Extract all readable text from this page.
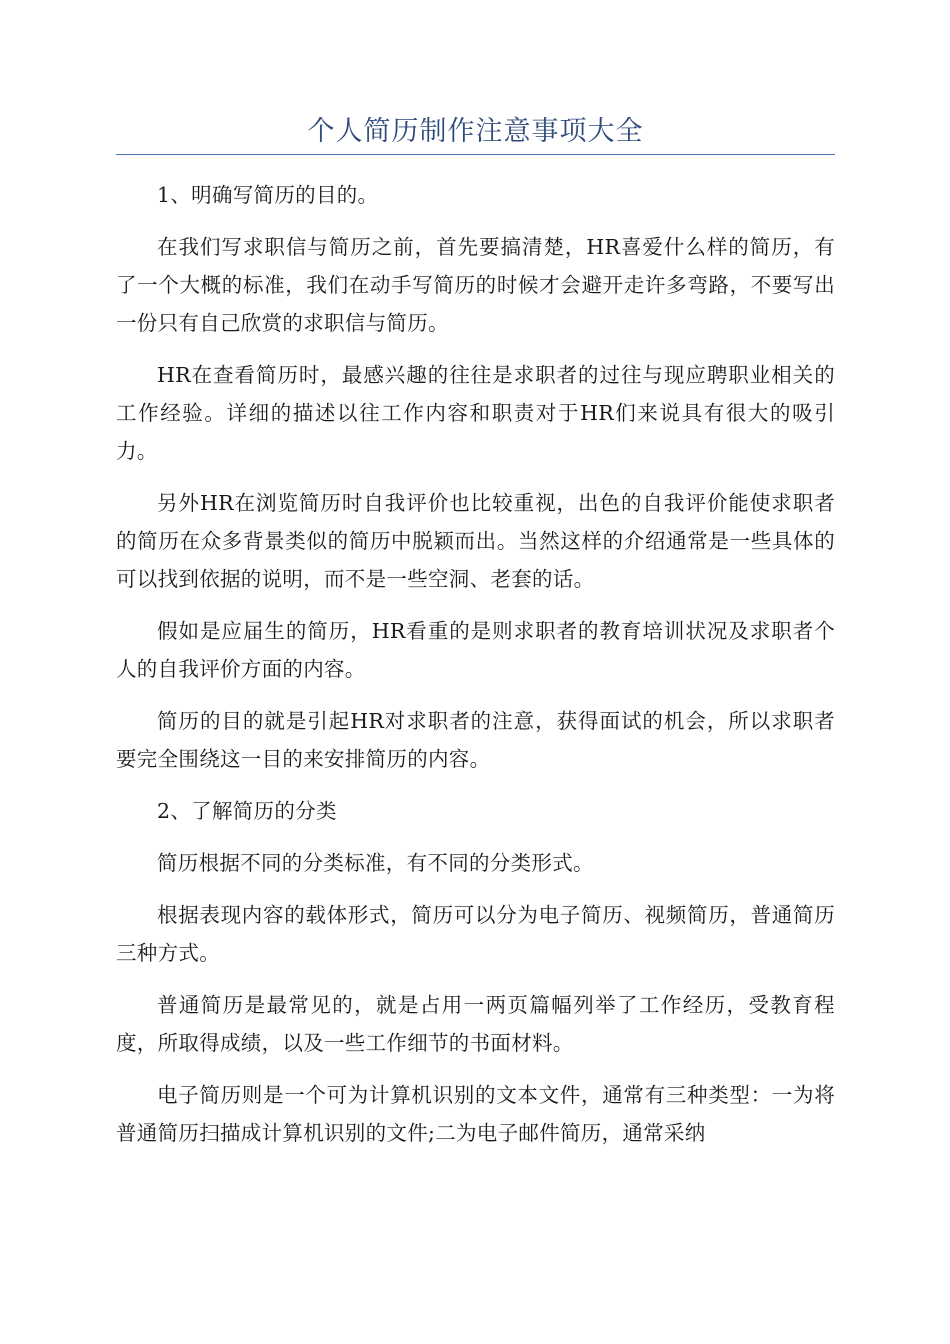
个人简历制作注意事项大全

1、明确写简历的目的。

在我们写求职信与简历之前，首先要搞清楚，HR喜爱什么样的简历，有了一个大概的标准，我们在动手写简历的时候才会避开走许多弯路，不要写出一份只有自己欣赏的求职信与简历。

HR在查看简历时，最感兴趣的往往是求职者的过往与现应聘职业相关的工作经验。详细的描述以往工作内容和职责对于HR们来说具有很大的吸引力。

另外HR在浏览简历时自我评价也比较重视，出色的自我评价能使求职者的简历在众多背景类似的简历中脱颖而出。当然这样的介绍通常是一些具体的可以找到依据的说明，而不是一些空洞、老套的话。

假如是应届生的简历，HR看重的是则求职者的教育培训状况及求职者个人的自我评价方面的内容。

简历的目的就是引起HR对求职者的注意，获得面试的机会，所以求职者要完全围绕这一目的来安排简历的内容。

2、了解简历的分类

简历根据不同的分类标准，有不同的分类形式。

根据表现内容的载体形式，简历可以分为电子简历、视频简历，普通简历三种方式。

普通简历是最常见的，就是占用一两页篇幅列举了工作经历，受教育程度，所取得成绩，以及一些工作细节的书面材料。

电子简历则是一个可为计算机识别的文本文件，通常有三种类型：一为将普通简历扫描成计算机识别的文件;二为电子邮件简历，通常采纳
